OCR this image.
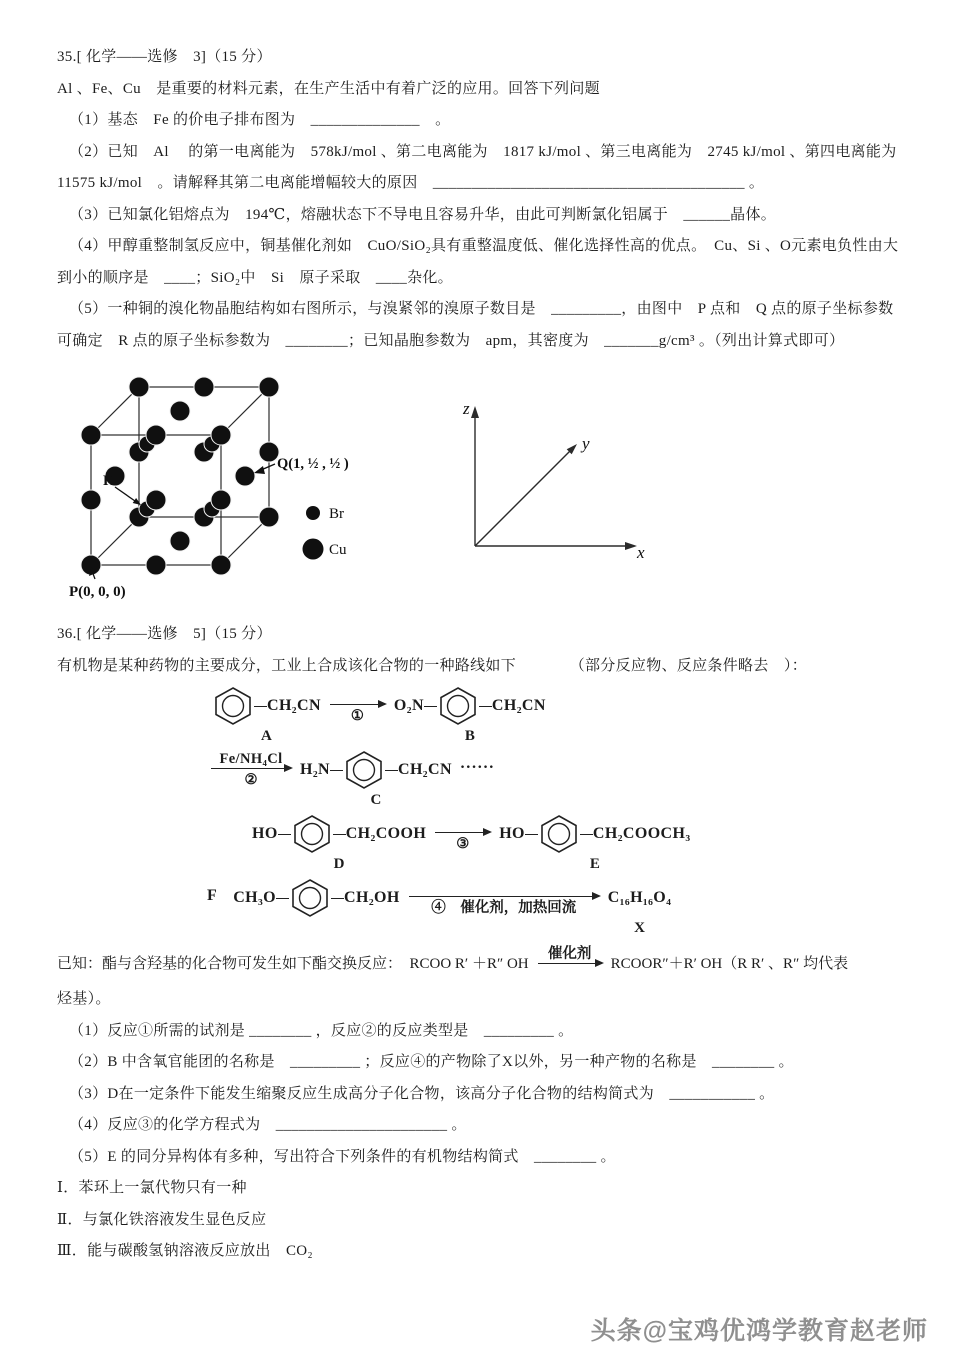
35.[ 化学——选修　3]（15 分）

Al 、Fe、Cu　是重要的材料元素，在生产生活中有着广泛的应用。回答下列问题

（1）基态　Fe 的价电子排布图为　______________　。

（2）已知　Al　 的第一电离能为　578kJ/mol 、第二电离能为　1817 kJ/mol 、第三电离能为　2745 kJ/mol 、第四电离能为 11575 kJ/mol　。请解释其第二电离能增幅较大的原因　________________________________________ 。

（3）已知氯化铝熔点为　194℃，熔融状态下不导电且容易升华，由此可判断氯化铝属于　______晶体。

（4）甲醇重整制氢反应中，铜基催化剂如　CuO/SiO₂具有重整温度低、催化选择性高的优点。　Cu、Si 、O元素电负性由大到小的顺序是　____；SiO₂中　Si　原子采取　____杂化。

（5）一种铜的溴化物晶胞结构如右图所示，与溴紧邻的溴原子数目是　_________，由图中　P 点和　Q 点的原子坐标参数可确定　R 点的原子坐标参数为　________；已知晶胞参数为　apm，其密度为　_______g/cm³ 。（列出计算式即可）

R
Q(1, ½ , ½ )
P(0, 0, 0)
Br
Cu
z
y
x

36.[ 化学——选修　5]（15 分）

有机物是某种药物的主要成分，工业上合成该化合物的一种路线如下　　　　（部分反应物、反应条件略去　）：

CH₂CN
A
①
O₂N	CH₂CN
B
Fe/NH₄Cl
②
H₂N	CH₂CN
C
······
HO	CH₂COOH
D
③
HO	CH₂COOCH₃
E
F CH₃O	CH₂OH
④　 催化剂，加热回流
C₁₆H₁₆O₄
X
已知：酯与含羟基的化合物可发生如下酯交换反应：　RCOO R′ ＋R″ OH
催化剂
RCOOR″＋R′ OH（R R′ 、R″ 均代表

烃基）。

（1）反应①所需的试剂是 ________ ，反应②的反应类型是　_________ 。

（2）B 中含氧官能团的名称是　_________ ；反应④的产物除了X以外，另一种产物的名称是　________ 。

（3）D在一定条件下能发生缩聚反应生成高分子化合物，该高分子化合物的结构简式为　___________ 。

（4）反应③的化学方程式为　______________________ 。

（5）E 的同分异构体有多种，写出符合下列条件的有机物结构简式　________ 。

Ⅰ．苯环上一氯代物只有一种

Ⅱ．与氯化铁溶液发生显色反应

Ⅲ．能与碳酸氢钠溶液反应放出　CO₂

头条@宝鸡优鸿学教育赵老师
